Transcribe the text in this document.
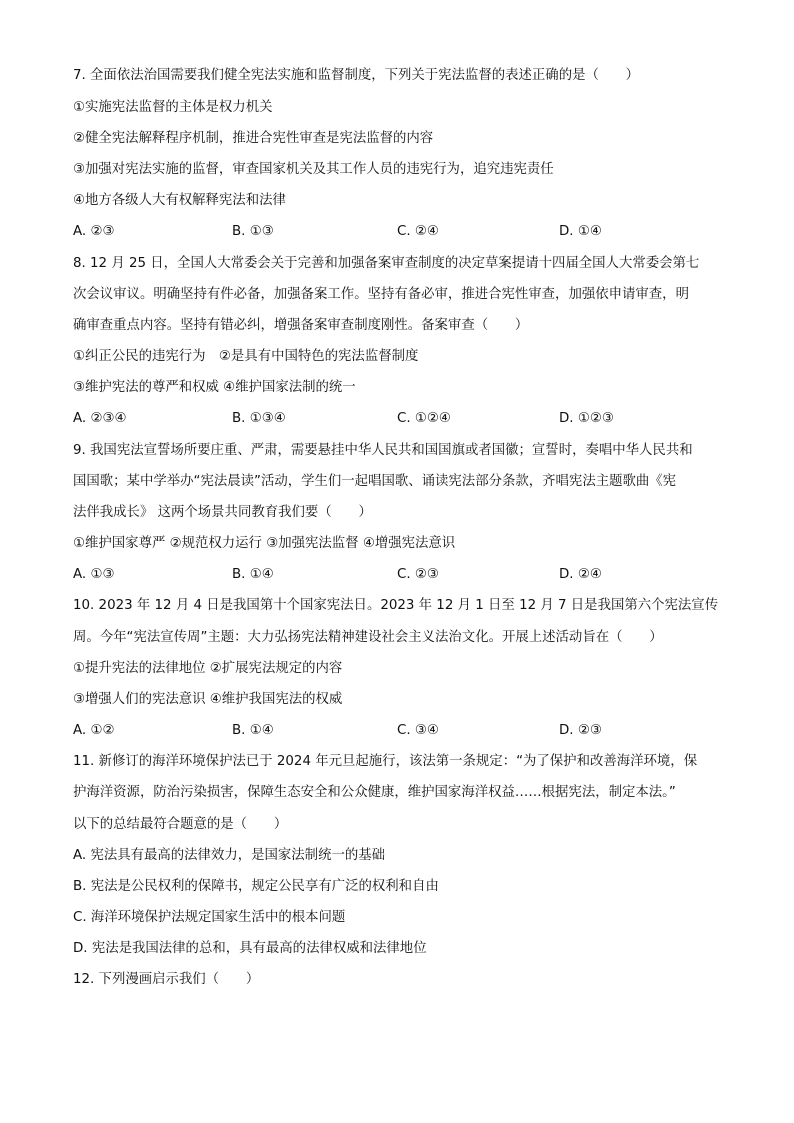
7. 全面依法治国需要我们健全宪法实施和监督制度，下列关于宪法监督的表述正确的是（　　）
①实施宪法监督的主体是权力机关
②健全宪法解释程序机制，推进合宪性审查是宪法监督的内容
③加强对宪法实施的监督，审查国家机关及其工作人员的违宪行为，追究违宪责任
④地方各级人大有权解释宪法和法律
A. ②③	B. ①③	C. ②④	D. ①④
8. 12 月 25 日，全国人大常委会关于完善和加强备案审查制度的决定草案提请十四届全国人大常委会第七
次会议审议。明确坚持有件必备，加强备案工作。坚持有备必审，推进合宪性审查，加强依申请审查，明
确审查重点内容。坚持有错必纠，增强备案审查制度刚性。备案审查（　　）
①纠正公民的违宪行为　②是具有中国特色的宪法监督制度
③维护宪法的尊严和权威 ④维护国家法制的统一
A. ②③④	B. ①③④	C. ①②④	D. ①②③
9. 我国宪法宣誓场所要庄重、严肃，需要悬挂中华人民共和国国旗或者国徽；宣誓时，奏唱中华人民共和
国国歌；某中学举办“宪法晨读”活动，学生们一起唱国歌、诵读宪法部分条款，齐唱宪法主题歌曲《宪
法伴我成长》 这两个场景共同教育我们要（　　）
①维护国家尊严 ②规范权力运行 ③加强宪法监督 ④增强宪法意识
A. ①③	B. ①④	C. ②③	D. ②④
10. 2023 年 12 月 4 日是我国第十个国家宪法日。2023 年 12 月 1 日至 12 月 7 日是我国第六个宪法宣传
周。今年“宪法宣传周”主题：大力弘扬宪法精神建设社会主义法治文化。开展上述活动旨在（　　）
①提升宪法的法律地位 ②扩展宪法规定的内容
③增强人们的宪法意识 ④维护我国宪法的权威
A. ①②	B. ①④	C. ③④	D. ②③
11. 新修订的海洋环境保护法已于 2024 年元旦起施行，该法第一条规定：“为了保护和改善海洋环境，保
护海洋资源，防治污染损害，保障生态安全和公众健康，维护国家海洋权益……根据宪法，制定本法。”
以下的总结最符合题意的是（　　）
A. 宪法具有最高的法律效力，是国家法制统一的基础
B. 宪法是公民权利的保障书，规定公民享有广泛的权利和自由
C. 海洋环境保护法规定国家生活中的根本问题
D. 宪法是我国法律的总和，具有最高的法律权威和法律地位
12. 下列漫画启示我们（　　）
